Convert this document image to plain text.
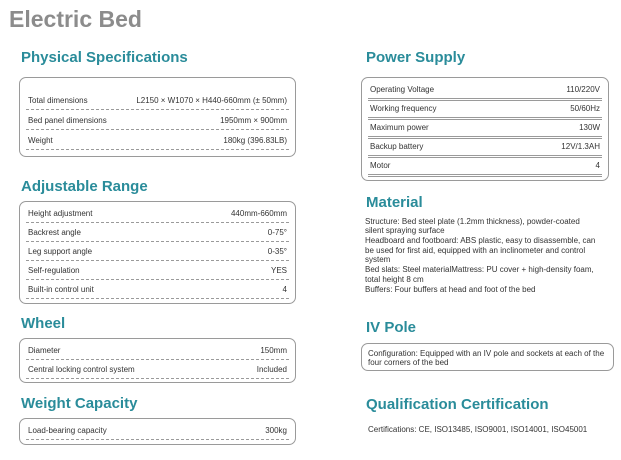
Electric Bed
Physical Specifications
Total dimensions	L2150 × W1070 × H440-660mm (± 50mm)
Bed panel dimensions	1950mm × 900mm
Weight	180kg (396.83LB)
Adjustable Range
Height adjustment	440mm-660mm
Backrest angle	0-75°
Leg support angle	0-35°
Self-regulation	YES
Built-in control unit	4
Wheel
Diameter	150mm
Central locking control system	Included
Weight Capacity
Load-bearing capacity	300kg
Power Supply
Operating Voltage	110/220V
Working frequency	50/60Hz
Maximum power	130W
Backup battery	12V/1.3AH
Motor	4
Material
Structure: Bed steel plate (1.2mm thickness), powder-coated
silent spraying surface
Headboard and footboard: ABS plastic, easy to disassemble, can
be used for first aid, equipped with an inclinometer and control
system
Bed slats: Steel materialMattress: PU cover + high-density foam,
total height 8 cm
Buffers: Four buffers at head and foot of the bed
IV Pole
Configuration: Equipped with an IV pole and sockets at each of the
four corners of the bed
Qualification Certification
Certifications: CE, ISO13485, ISO9001, ISO14001, ISO45001
